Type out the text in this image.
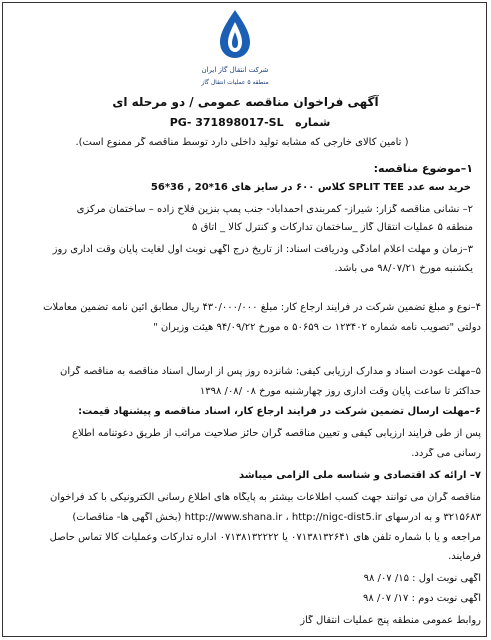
شرکت انتقال گاز ایران
منطقه ۵ عملیات انتقال گاز
آگهی فراخوان مناقصه عمومی / دو مرحله ای
شماره   PG- 371898017-SL
( تامین کالای خارجی که مشابه تولید داخلی دارد توسط مناقصه گر ممنوع است).
۱–موضوع مناقصه:
خرید سه عدد SPLIT TEE کلاس ۶۰۰ در سایز های 16*20 , 36*56
۲– نشانی مناقصه گزار: شیراز- کمربندی احمدآباد- جنب پمپ بنزین فلاح زاده – ساختمان مرکزی
منطقه ۵ عملیات انتقال گاز _ساختمان تدارکات و کنترل کالا _ اتاق ۵
۳–زمان و مهلت اعلام آمادگی ودریافت اسناد: از تاریخ درج آگهی نوبت اول لغایت پایان وقت اداری روز
یکشنبه مورخ ۹۸/۰۷/۲۱ می باشد.
۴–نوع و مبلغ تضمین شرکت در فرایند ارجاع کار: مبلغ ۴۳۰/۰۰۰/۰۰۰ ریال مطابق آئین نامه تضمین معاملات
دولتی "تصویب نامه شماره ۱۲۳۴۰۲ ت ۵۰۶۵۹ ه مورخ ۹۴/۰۹/۲۲ هیئت وزیران "
۵–مهلت عودت اسناد و مدارک ارزیابی کیفی: شانزده روز پس از ارسال اسناد مناقصه به مناقصه گران
حداکثر تا ساعت پایان وقت اداری روز چهارشنبه مورخ ۰۸ /۰۸/ ۱۳۹۸
۶–مهلت ارسال تضمین شرکت در فرایند ارجاع کار، اسناد مناقصه و پیشنهاد قیمت:
پس از طی فرایند ارزیابی کیفی و تعیین مناقصه گران حائز صلاحیت مراتب از طریق دعوتنامه اطلاع
رسانی می گردد.
۷– ارائه کد اقتصادی و شناسه ملی الزامی میباشد
مناقصه گران می توانند جهت کسب اطلاعات بیشتر به پایگاه های اطلاع رسانی الکترونیکی با کد فراخوان
۳۲۱۵۶۸۳ و به آدرسهای http://www.shana.ir ، http://nigc-dist5.ir (بخش آگهی ها- مناقصات)
مراجعه و یا با شماره تلفن های ۰۷۱۳۸۱۳۲۶۴۱ یا ۰۷۱۳۸۱۳۲۲۲۲ اداره تدارکات وعملیات کالا تماس حاصل
فرمایند.
آگهی نوبت اول : ۱۵/ ۰۷/ ۹۸
آگهی نوبت دوم : ۱۷/ ۰۷/ ۹۸
روابط عمومی منطقه پنج عملیات انتقال گاز
